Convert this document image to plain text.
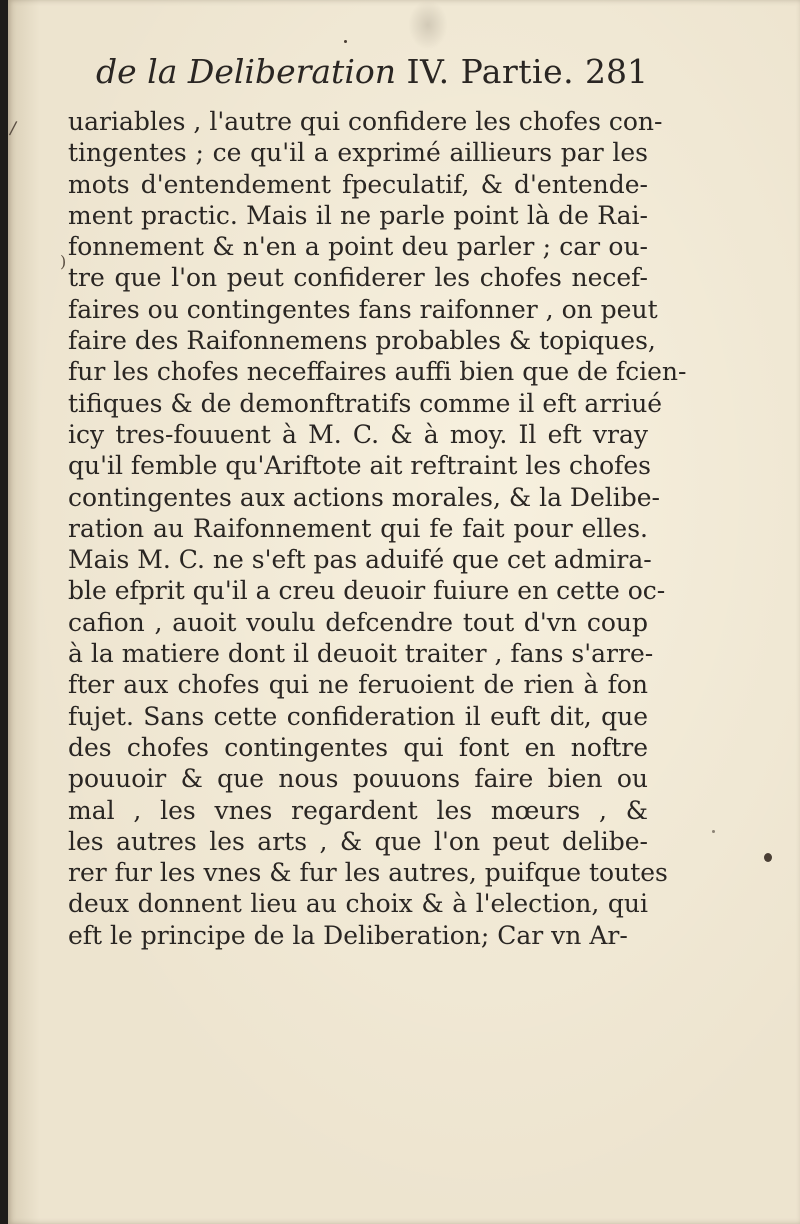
/
)
de la Deliberation IV. Partie. 281
uariables , l'autre qui confidere les chofes con-
tingentes ; ce qu'il a exprimé aillieurs par les
mots d'entendement fpeculatif, & d'entende-
ment practic. Mais il ne parle point là de Rai-
fonnement & n'en a point deu parler ; car ou-
tre que l'on peut confiderer les chofes necef-
faires ou contingentes fans raifonner , on peut
faire des Raifonnemens probables & topiques,
fur les chofes neceffaires auffi bien que de fcien-
tifiques & de demonftratifs comme il eft arriué
icy tres-fouuent à M. C. & à moy. Il eft vray
qu'il femble qu'Ariftote ait reftraint les chofes
contingentes aux actions morales, & la Delibe-
ration au Raifonnement qui fe fait pour elles.
Mais M. C. ne s'eft pas aduifé que cet admira-
ble efprit qu'il a creu deuoir fuiure en cette oc-
cafion , auoit voulu defcendre tout d'vn coup
à la matiere dont il deuoit traiter , fans s'arre-
fter aux chofes qui ne feruoient de rien à fon
fujet. Sans cette confideration il euft dit, que
des chofes contingentes qui font en noftre
pouuoir & que nous pouuons faire bien ou
mal , les vnes regardent les mœurs , &
les autres les arts , & que l'on peut delibe-
rer fur les vnes & fur les autres, puifque toutes
deux donnent lieu au choix & à l'election, qui
eft le principe de la Deliberation; Car vn Ar-
